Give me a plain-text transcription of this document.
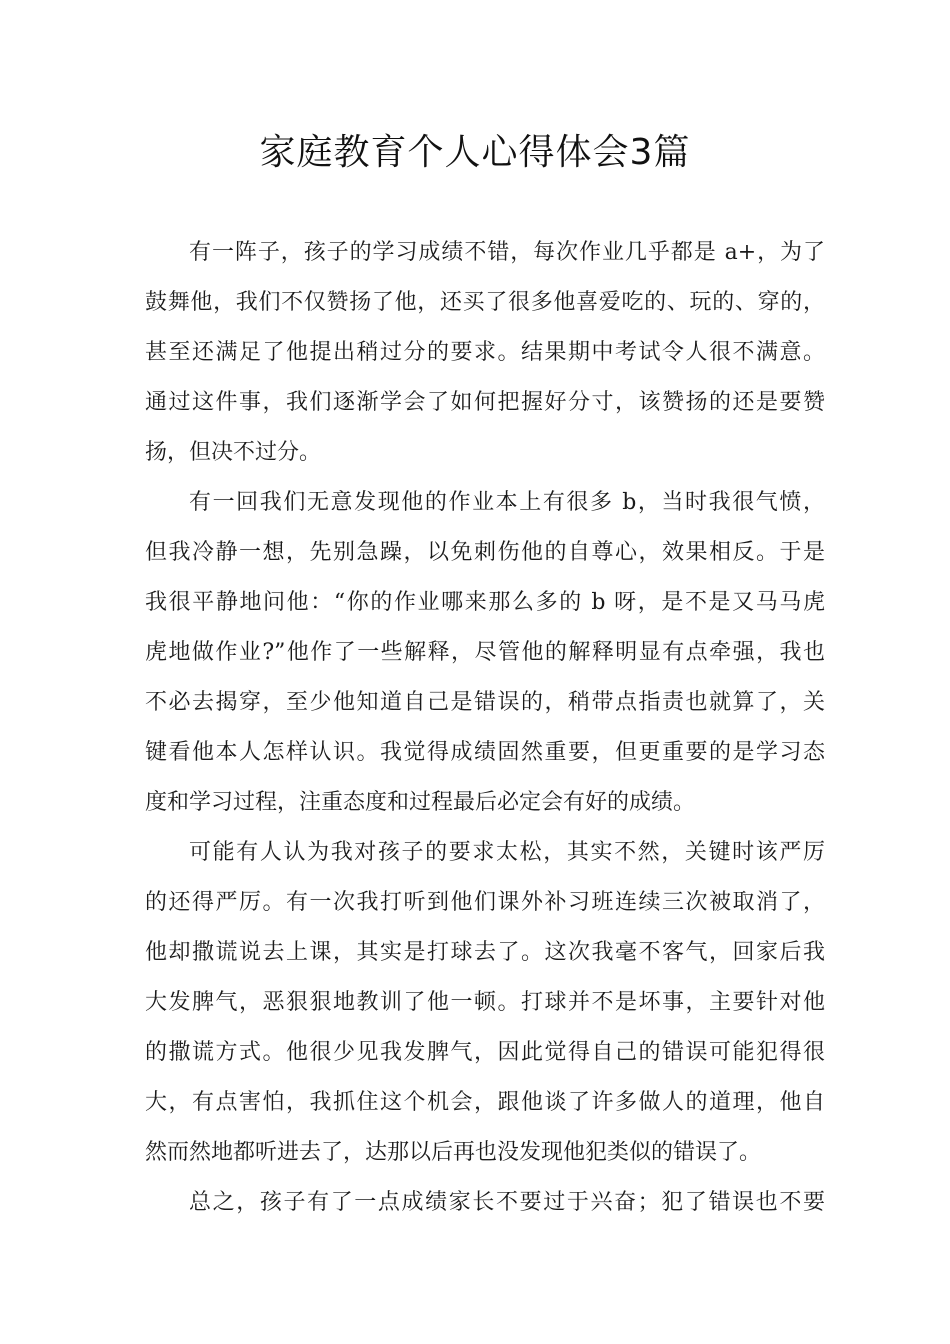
家庭教育个人心得体会3篇
有一阵子，孩子的学习成绩不错，每次作业几乎都是 a+，为了
鼓舞他，我们不仅赞扬了他，还买了很多他喜爱吃的、玩的、穿的，
甚至还满足了他提出稍过分的要求。结果期中考试令人很不满意。
通过这件事，我们逐渐学会了如何把握好分寸，该赞扬的还是要赞
扬，但决不过分。
有一回我们无意发现他的作业本上有很多 b，当时我很气愤，
但我冷静一想，先别急躁，以免刺伤他的自尊心，效果相反。于是
我很平静地问他：“你的作业哪来那么多的 b 呀，是不是又马马虎
虎地做作业?”他作了一些解释，尽管他的解释明显有点牵强，我也
不必去揭穿，至少他知道自己是错误的，稍带点指责也就算了，关
键看他本人怎样认识。我觉得成绩固然重要，但更重要的是学习态
度和学习过程，注重态度和过程最后必定会有好的成绩。
可能有人认为我对孩子的要求太松，其实不然，关键时该严厉
的还得严厉。有一次我打听到他们课外补习班连续三次被取消了，
他却撒谎说去上课，其实是打球去了。这次我毫不客气，回家后我
大发脾气，恶狠狠地教训了他一顿。打球并不是坏事，主要针对他
的撒谎方式。他很少见我发脾气，因此觉得自己的错误可能犯得很
大，有点害怕，我抓住这个机会，跟他谈了许多做人的道理，他自
然而然地都听进去了，达那以后再也没发现他犯类似的错误了。
总之，孩子有了一点成绩家长不要过于兴奋；犯了错误也不要
